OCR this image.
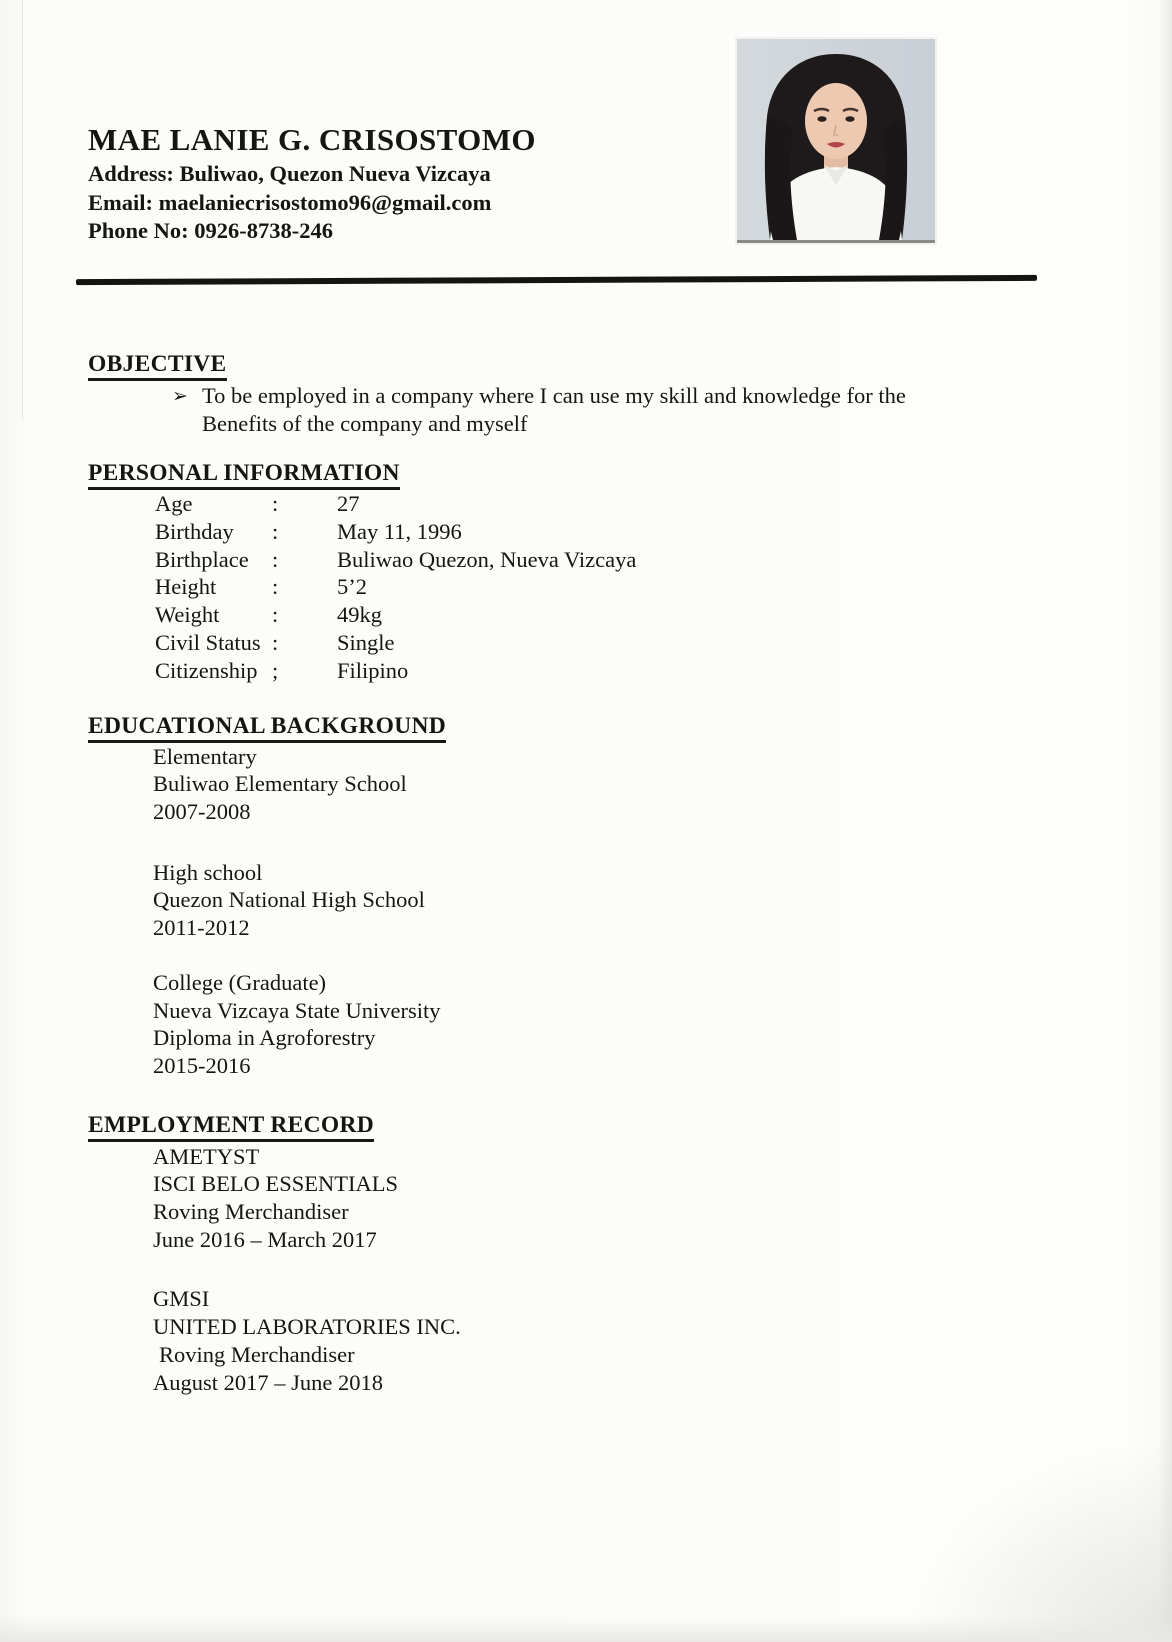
MAE LANIE G. CRISOSTOMO
Address: Buliwao, Quezon Nueva Vizcaya
Email: maelaniecrisostomo96@gmail.com
Phone No: 0926-8738-246
OBJECTIVE
➢ To be employed in a company where I can use my skill and knowledge for the
Benefits of the company and myself
PERSONAL INFORMATION
Age	:	27
Birthday	:	May 11, 1996
Birthplace	:	Buliwao Quezon, Nueva Vizcaya
Height	:	5’2
Weight	:	49kg
Civil Status :	Single
Citizenship ;	Filipino
EDUCATIONAL BACKGROUND
Elementary
Buliwao Elementary School
2007-2008
High school
Quezon National High School
2011-2012
College (Graduate)
Nueva Vizcaya State University
Diploma in Agroforestry
2015-2016
EMPLOYMENT RECORD
AMETYST
ISCI BELO ESSENTIALS
Roving Merchandiser
June 2016 – March 2017
GMSI
UNITED LABORATORIES INC.
Roving Merchandiser
August 2017 – June 2018
